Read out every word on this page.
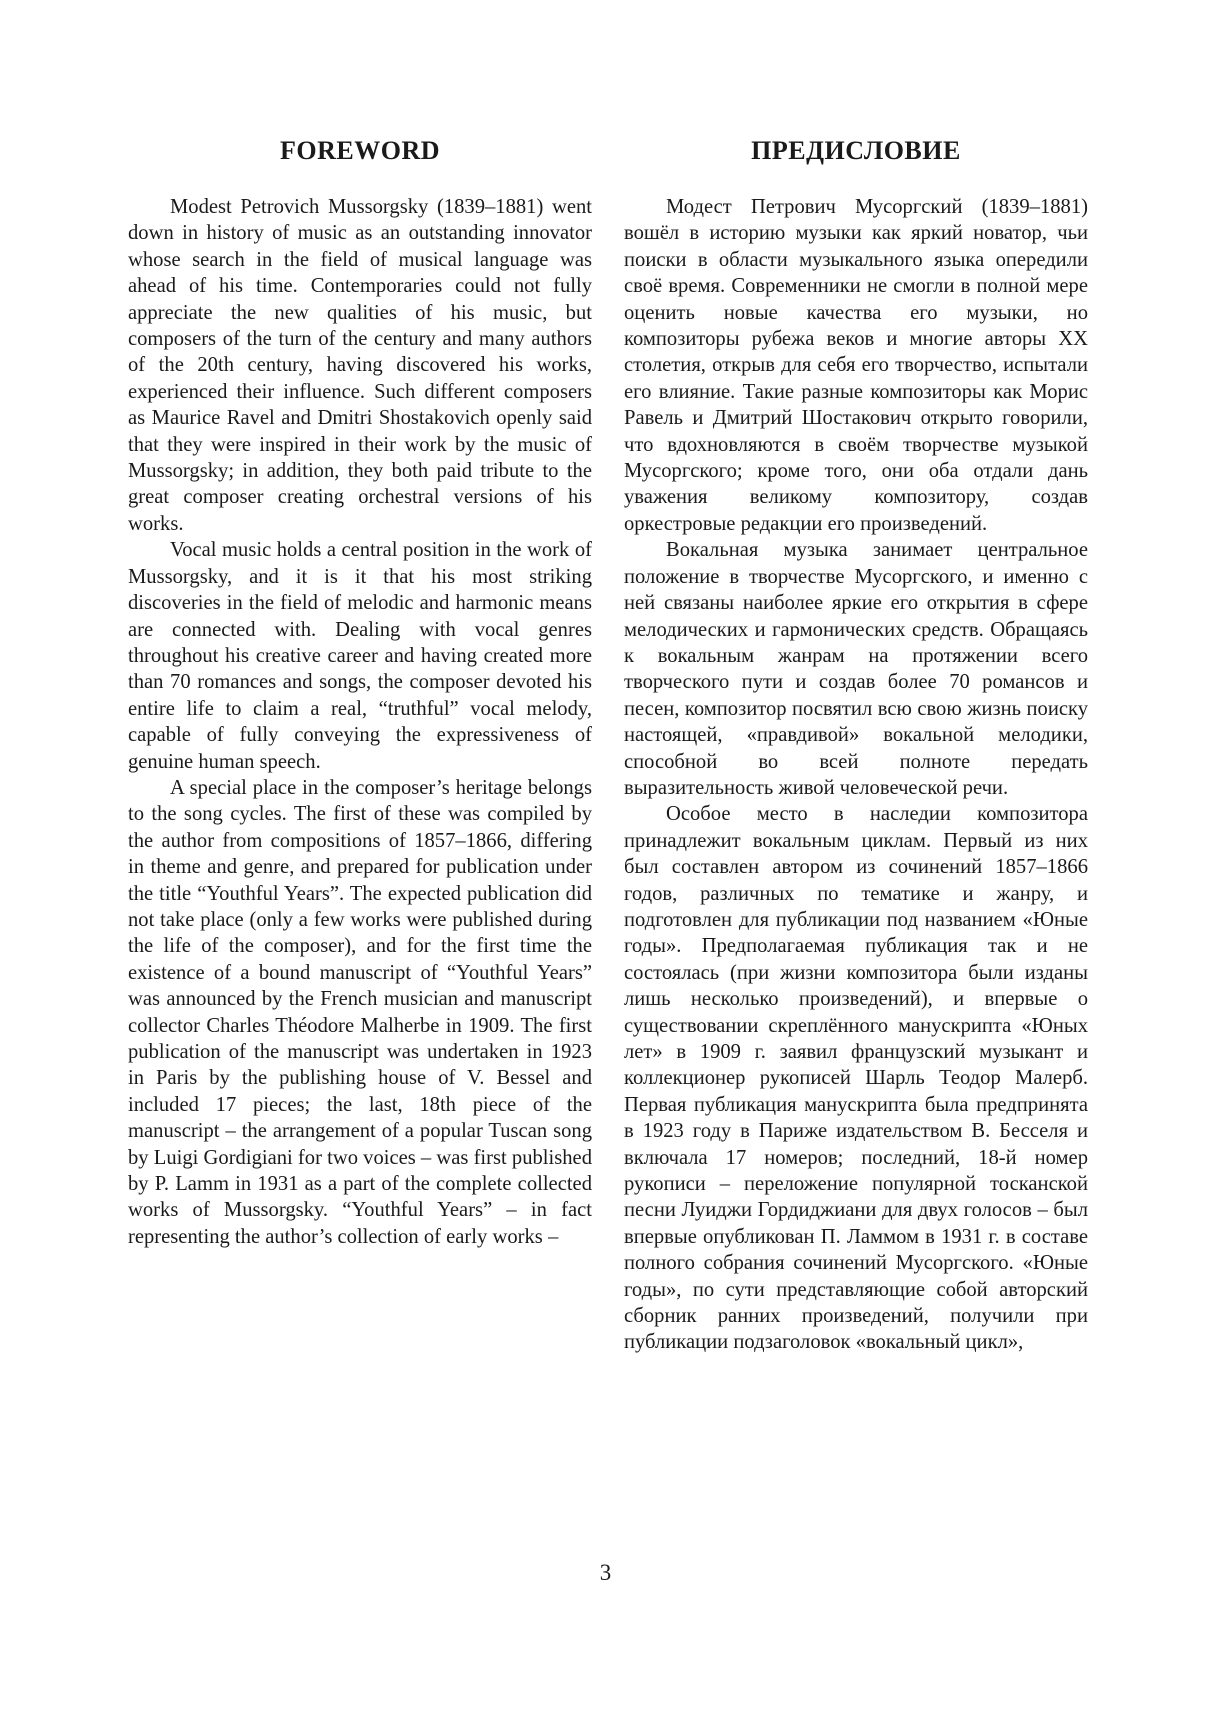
FOREWORD

Modest Petrovich Mussorgsky (1839–1881) went down in history of music as an outstanding innovator whose search in the field of musical language was ahead of his time. Contemporaries could not fully appreciate the new qualities of his music, but composers of the turn of the century and many authors of the 20th century, having discovered his works, experienced their influence. Such different composers as Maurice Ravel and Dmitri Shostakovich openly said that they were inspired in their work by the music of Mussorgsky; in addition, they both paid tribute to the great composer creating orchestral versions of his works.

Vocal music holds a central position in the work of Mussorgsky, and it is it that his most striking discoveries in the field of melodic and harmonic means are connected with. Dealing with vocal genres throughout his creative career and having created more than 70 romances and songs, the composer devoted his entire life to claim a real, “truthful” vocal melody, capable of fully conveying the expressiveness of genuine human speech.

A special place in the composer’s heritage belongs to the song cycles. The first of these was compiled by the author from compositions of 1857–1866, differing in theme and genre, and prepared for publication under the title “Youthful Years”. The expected publication did not take place (only a few works were published during the life of the composer), and for the first time the existence of a bound manuscript of “Youthful Years” was announced by the French musician and manuscript collector Charles Théodore Malherbe in 1909. The first publication of the manuscript was undertaken in 1923 in Paris by the publishing house of V. Bessel and included 17 pieces; the last, 18th piece of the manuscript – the arrangement of a popular Tuscan song by Luigi Gordigiani for two voices – was first published by P. Lamm in 1931 as a part of the complete collected works of Mussorgsky. “Youthful Years” – in fact representing the author’s collection of early works –

ПРЕДИСЛОВИЕ

Модест Петрович Мусоргский (1839–1881) вошёл в историю музыки как яркий новатор, чьи поиски в области музыкального языка опередили своё время. Современники не смогли в полной мере оценить новые качества его музыки, но композиторы рубежа веков и многие авторы XX столетия, открыв для себя его творчество, испытали его влияние. Такие разные композиторы как Морис Равель и Дмитрий Шостакович открыто говорили, что вдохновляются в своём творчестве музыкой Мусоргского; кроме того, они оба отдали дань уважения великому композитору, создав оркестровые редакции его произведений.

Вокальная музыка занимает центральное положение в творчестве Мусоргского, и именно с ней связаны наиболее яркие его открытия в сфере мелодических и гармонических средств. Обращаясь к вокальным жанрам на протяжении всего творческого пути и создав более 70 романсов и песен, композитор посвятил всю свою жизнь поиску настоящей, «правдивой» вокальной мелодики, способной во всей полноте передать выразительность живой человеческой речи.

Особое место в наследии композитора принадлежит вокальным циклам. Первый из них был составлен автором из сочинений 1857–1866 годов, различных по тематике и жанру, и подготовлен для публикации под названием «Юные годы». Предполагаемая публикация так и не состоялась (при жизни композитора были изданы лишь несколько произведений), и впервые о существовании скреплённого манускрипта «Юных лет» в 1909 г. заявил французский музыкант и коллекционер рукописей Шарль Теодор Малерб. Первая публикация манускрипта была предпринята в 1923 году в Париже издательством В. Бесселя и включала 17 номеров; последний, 18-й номер рукописи – переложение популярной тосканской песни Луиджи Гордиджиани для двух голосов – был впервые опубликован П. Ламмом в 1931 г. в составе полного собрания сочинений Мусоргского. «Юные годы», по сути представляющие собой авторский сборник ранних произведений, получили при публикации подзаголовок «вокальный цикл»,

3
